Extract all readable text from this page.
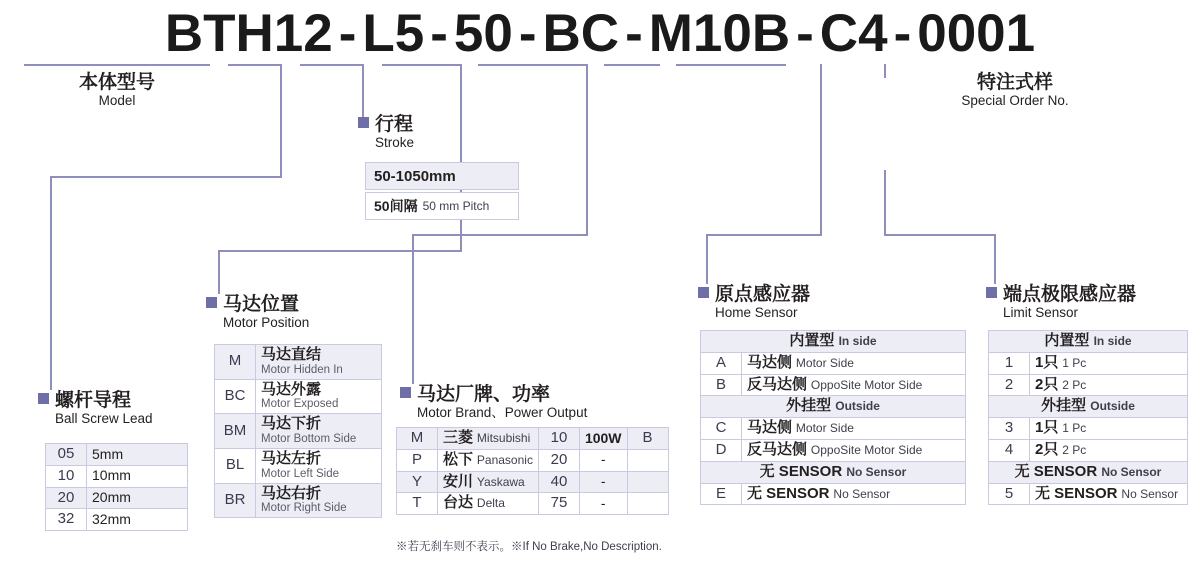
BTH12 - L5 - 50 - BC - M10B - C4 - 0001
本体型号
Model
特注式样
Special Order No.
行程
Stroke
50-1050mm
50间隔 50 mm Pitch
螺杆导程
Ball Screw Lead
05	5mm
10	10mm
20	20mm
32	32mm
马达位置
Motor Position
M	马达直结
Motor Hidden In

BC	马达外露
Motor Exposed

BM	马达下折
Motor Bottom Side

BL	马达左折
Motor Left Side

BR	马达右折
Motor Right Side
马达厂牌、功率
Motor Brand、Power Output
M	三菱 Mitsubishi	10	100W	B
P	松下 Panasonic	20	-	
Y	安川 Yaskawa	40	-	
T	台达 Delta	75	-	
※若无刹车则不表示。※If No Brake,No Description.
原点感应器
Home Sensor
内置型 In side	
A	马达侧 Motor Side
B	反马达侧 OppoSite Motor Side
外挂型 Outside	
C	马达侧 Motor Side
D	反马达侧 OppoSite Motor Side
无 SENSOR No Sensor	
E	无 SENSOR No Sensor
端点极限感应器
Limit Sensor
内置型 In side	
1	1只 1 Pc
2	2只 2 Pc
外挂型 Outside	
3	1只 1 Pc
4	2只 2 Pc
无 SENSOR No Sensor	
5	无 SENSOR No Sensor
